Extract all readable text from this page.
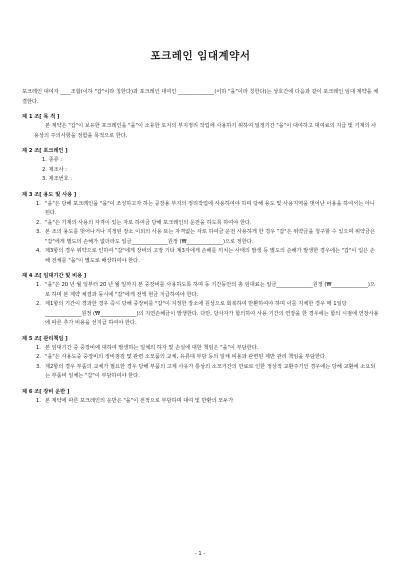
포크레인 임대계약서
포크레인 대여자 ____조합(이하 "갑"이라 칭한다)과 포크레인 대여인 ______________(이하 "을"이라 칭한다)는 상호간에 다음과 같이 포크레인 임대 계약을 체결한다.
제 1 조[ 목 적 ]
본 계약은 "갑"이 보유한 포크레인을 "을"이 소유한 토지의 부지정리 작업에 사용하기 위하여 일정기간 "을"이 대여하고 대여료의 지급 및 기계의 사용상의 주의사항을 정함을 목적으로 한다.
제 2 조[ 포크레인 ]
1. 종류 :
2. 제조사 :
3. 제조번호 :
제 3 조[ 용도 및 사용 ]
1. "을"은 당해 포크레인을 "을"이 조성하고자 하는 공장용 부지의 정리작업에 사용하여야 하며 당해 용도 및 사용지역을 벗어난 이용을 하여서는 아니된다.
2. "을"은 기계의 사용의 자격이 있는 자로 하여금 당해 포크레인의 운전을 하도록 하여야 한다.
3. 본 조의 용도를 벗어나거나 지정된 장소 이외의 사용 또는 자격없는 자로 하여금 운전 사용하게 한 경우 "갑"은 위약금을 청구할 수 있으며 위약금은 "갑"에게 별도의 손해가 없더라도 일금______________원정 (₩______________)으로 정한다.
4. 제3항의 경우 위약으로 인하여 "갑"에게 장비의 고장 기타 제3자에게 손해를 끼치는 사태의 발생 등 별도의 손해가 발생한 경우에는 "갑"이 입은 손해 전체를 "을"이 별도로 배상하여야 한다.
제 4 조[ 임대기간 및 비용 ]
1. "을"은 20 년 월 일부터 20 년 월 일까지 본 중장비를 사용하도록 하며 동 기간동안의 총 임대료는 일금______________원정 (₩______________)으로 하며 본 계약 체결과 동시에 "갑"에게 전액 현금 지급하여야 한다.
2. 제1항의 기간이 경과한 경우 즉시 당해 중장비를 "갑"이 지정한 장소에 원상으로 회복하여 반환하여야 하며 이를 지체한 경우 매 1일당______________원정 (₩______________)의 지연손해금이 발생한다. 다만, 당사자가 합의하여 사용 기간의 연장을 한 경우에는 합의 시점에 연장사용에 따른 추가 비용을 선지급 하여야 한다.
제 5 조[ 관리책임 ]
1. 본 임대기간 중 중장비에 대하여 발생하는 일체의 하자 및 손실에 대한 책임은 "을"이 부담한다.
2. "을"은 사용도중 중장비의 정비점검 및 관련 소모품의 교체, 유류대 부담 등의 일체 비용과 관련된 제반 관리 책임을 부담한다.
3. 제2항의 경우 부품의 교체가 필요한 경우 당해 부품의 고제 사유가 통상의 소모기간의 만료로 인한 정상적 교환주기인 경우에는 당해 교환에 소요되는 부품비 일체는 "갑"이 부담하여야 한다.
제 6 조[ 장비 운반 ]
1. 본 계약에 따른 포크레인의 운반은 "을"이 전적으로 부담하며 대여 및 반환의 모두가
- 1 -
